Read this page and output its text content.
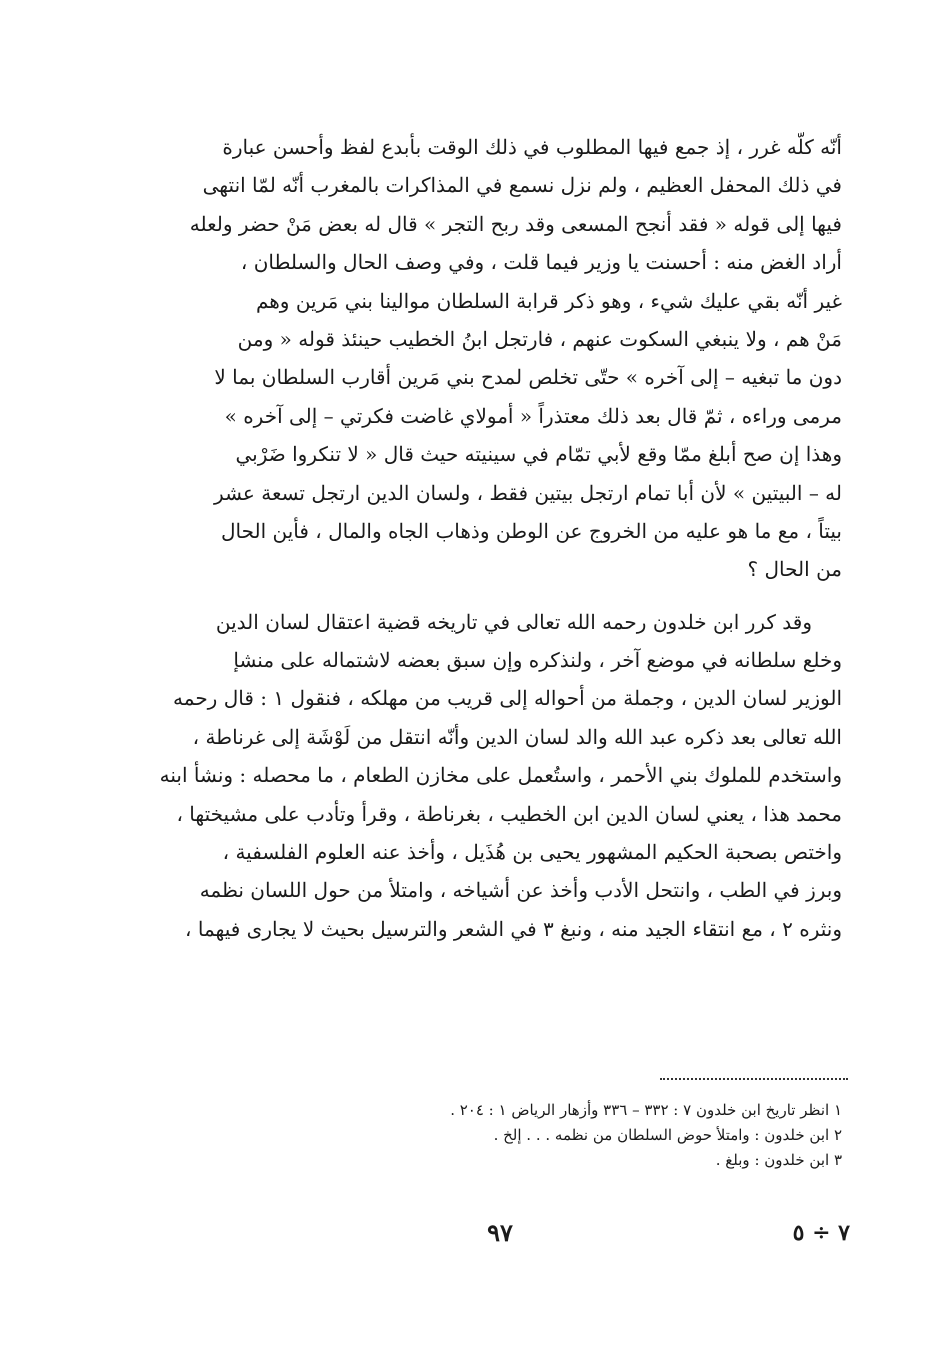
أنّه كلّه غرر ، إذ جمع فيها المطلوب في ذلك الوقت بأبدع لفظ وأحسن عبارة
في ذلك المحفل العظيم ، ولم نزل نسمع في المذاكرات بالمغرب أنّه لمّا انتهى
فيها إلى قوله « فقد أنجح المسعى وقد ربح التجر » قال له بعض مَنْ حضر ولعله
أراد الغض منه : أحسنت يا وزير فيما قلت ، وفي وصف الحال والسلطان ،
غير أنّه بقي عليك شيء ، وهو ذكر قرابة السلطان موالينا بني مَرين وهم
مَنْ هم ، ولا ينبغي السكوت عنهم ، فارتجل ابنُ الخطيب حينئذ قوله « ومن
دون ما تبغيه – إلى آخره » حتّى تخلص لمدح بني مَرين أقارب السلطان بما لا
مرمى وراءه ، ثمّ قال بعد ذلك معتذراً « أمولاي غاضت فكرتي – إلى آخره »
وهذا إن صح أبلغ ممّا وقع لأبي تمّام في سينيته حيث قال « لا تنكروا ضَرْبي
له – البيتين » لأن أبا تمام ارتجل بيتين فقط ، ولسان الدين ارتجل تسعة عشر
بيتاً ، مع ما هو عليه من الخروج عن الوطن وذهاب الجاه والمال ، فأين الحال
من الحال ؟
وقد كرر ابن خلدون رحمه الله تعالى في تاريخه قضية اعتقال لسان الدين
وخلع سلطانه في موضع آخر ، ولنذكره وإن سبق بعضه لاشتماله على منشإ
الوزير لسان الدين ، وجملة من أحواله إلى قريب من مهلكه ، فنقول ١ : قال رحمه
الله تعالى بعد ذكره عبد الله والد لسان الدين وأنّه انتقل من لَوْشَة إلى غرناطة ،
واستخدم للملوك بني الأحمر ، واستُعمل على مخازن الطعام ، ما محصله : ونشأ ابنه
محمد هذا ، يعني لسان الدين ابن الخطيب ، بغرناطة ، وقرأ وتأدب على مشيختها ،
واختص بصحبة الحكيم المشهور يحيى بن هُذَيل ، وأخذ عنه العلوم الفلسفية ،
وبرز في الطب ، وانتحل الأدب وأخذ عن أشياخه ، وامتلأ من حول اللسان نظمه
ونثره ٢ ، مع انتقاء الجيد منه ، ونبغ ٣ في الشعر والترسيل بحيث لا يجارى فيهما ،
١ انظر تاريخ ابن خلدون ٧ : ٣٣٢ – ٣٣٦ وأزهار الرياض ١ : ٢٠٤ .
٢ ابن خلدون : وامتلأ حوض السلطان من نظمه . . . إلخ .
٣ ابن خلدون : وبلغ .
٩٧	٧ ÷ ٥
